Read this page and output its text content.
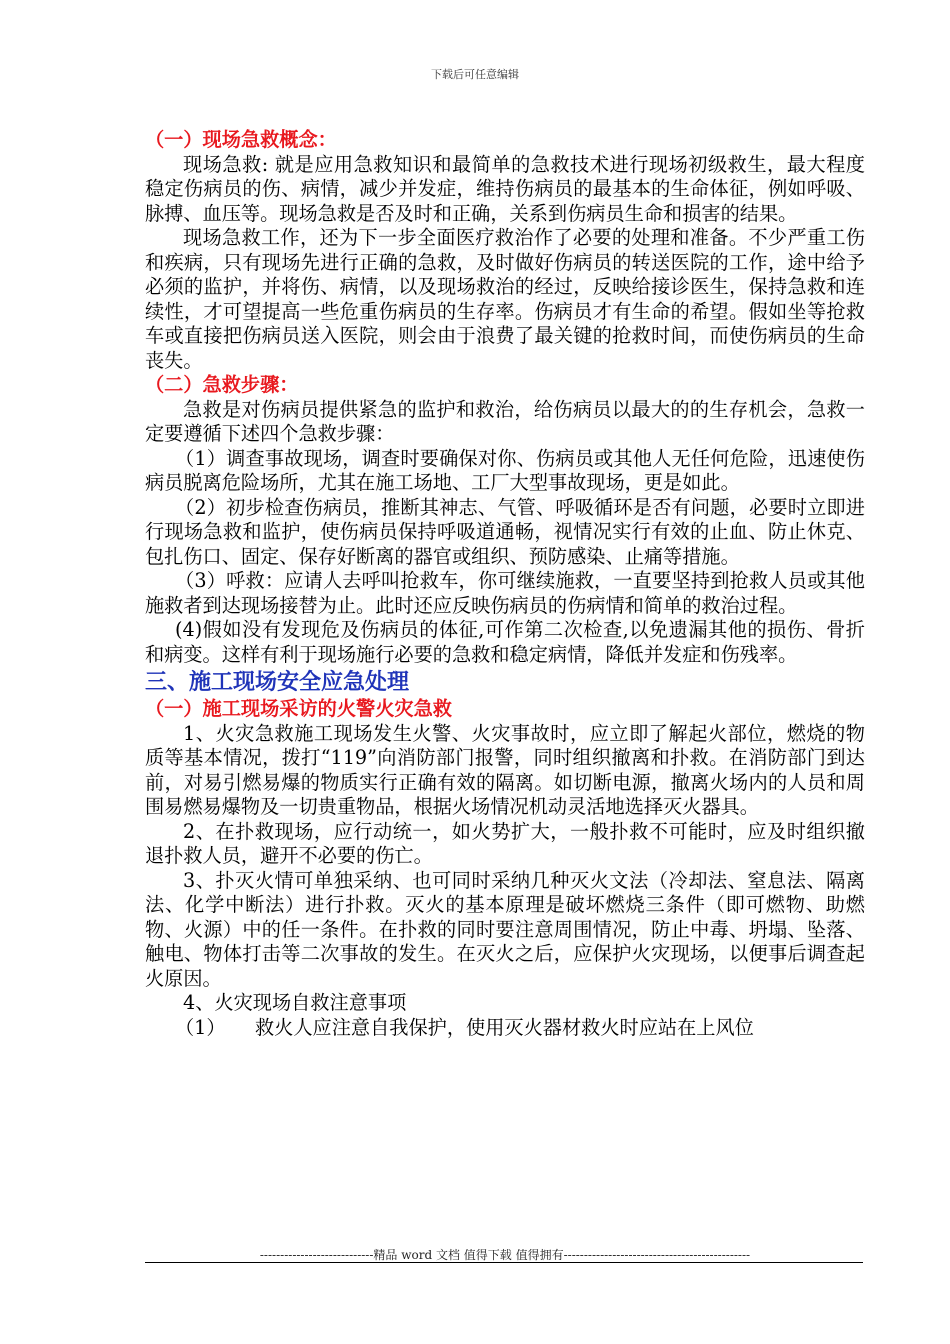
下载后可任意编辑

（一）现场急救概念：

现场急救: 就是应用急救知识和最简单的急救技术进行现场初级救生，最大程度稳定伤病员的伤、病情，减少并发症，维持伤病员的最基本的生命体征，例如呼吸、脉搏、血压等。现场急救是否及时和正确，关系到伤病员生命和损害的结果。

现场急救工作，还为下一步全面医疗救治作了必要的处理和准备。不少严重工伤和疾病，只有现场先进行正确的急救，及时做好伤病员的转送医院的工作，途中给予必须的监护，并将伤、病情，以及现场救治的经过，反映给接诊医生，保持急救和连续性，才可望提高一些危重伤病员的生存率。伤病员才有生命的希望。假如坐等抢救车或直接把伤病员送入医院，则会由于浪费了最关键的抢救时间，而使伤病员的生命丧失。

（二）急救步骤：

急救是对伤病员提供紧急的监护和救治，给伤病员以最大的的生存机会，急救一定要遵循下述四个急救步骤：

（1）调查事故现场，调查时要确保对你、伤病员或其他人无任何危险，迅速使伤病员脱离危险场所，尤其在施工场地、工厂大型事故现场，更是如此。

（2）初步检查伤病员，推断其神志、气管、呼吸循环是否有问题，必要时立即进行现场急救和监护，使伤病员保持呼吸道通畅，视情况实行有效的止血、防止休克、包扎伤口、固定、保存好断离的器官或组织、预防感染、止痛等措施。

（3）呼救：应请人去呼叫抢救车，你可继续施救，一直要坚持到抢救人员或其他施救者到达现场接替为止。此时还应反映伤病员的伤病情和简单的救治过程。

(4)假如没有发现危及伤病员的体征,可作第二次检查,以免遗漏其他的损伤、骨折和病变。这样有利于现场施行必要的急救和稳定病情，降低并发症和伤残率。

三、施工现场安全应急处理

（一）施工现场采访的火警火灾急救

1、火灾急救施工现场发生火警、火灾事故时，应立即了解起火部位，燃烧的物质等基本情况，拨打“119”向消防部门报警，同时组织撤离和扑救。在消防部门到达前，对易引燃易爆的物质实行正确有效的隔离。如切断电源，撤离火场内的人员和周围易燃易爆物及一切贵重物品，根据火场情况机动灵活地选择灭火器具。

2、在扑救现场，应行动统一，如火势扩大，一般扑救不可能时，应及时组织撤退扑救人员，避开不必要的伤亡。

3、扑灭火情可单独采纳、也可同时采纳几种灭火文法（冷却法、窒息法、隔离法、化学中断法）进行扑救。灭火的基本原理是破坏燃烧三条件（即可燃物、助燃物、火源）中的任一条件。在扑救的同时要注意周围情况，防止中毒、坍塌、坠落、触电、物体打击等二次事故的发生。在灭火之后，应保护火灾现场，以便事后调查起火原因。

4、火灾现场自救注意事项

（1）	救火人应注意自我保护，使用灭火器材救火时应站在上风位
----------------------------精品 word 文档 值得下载 值得拥有----------------------------------------------
